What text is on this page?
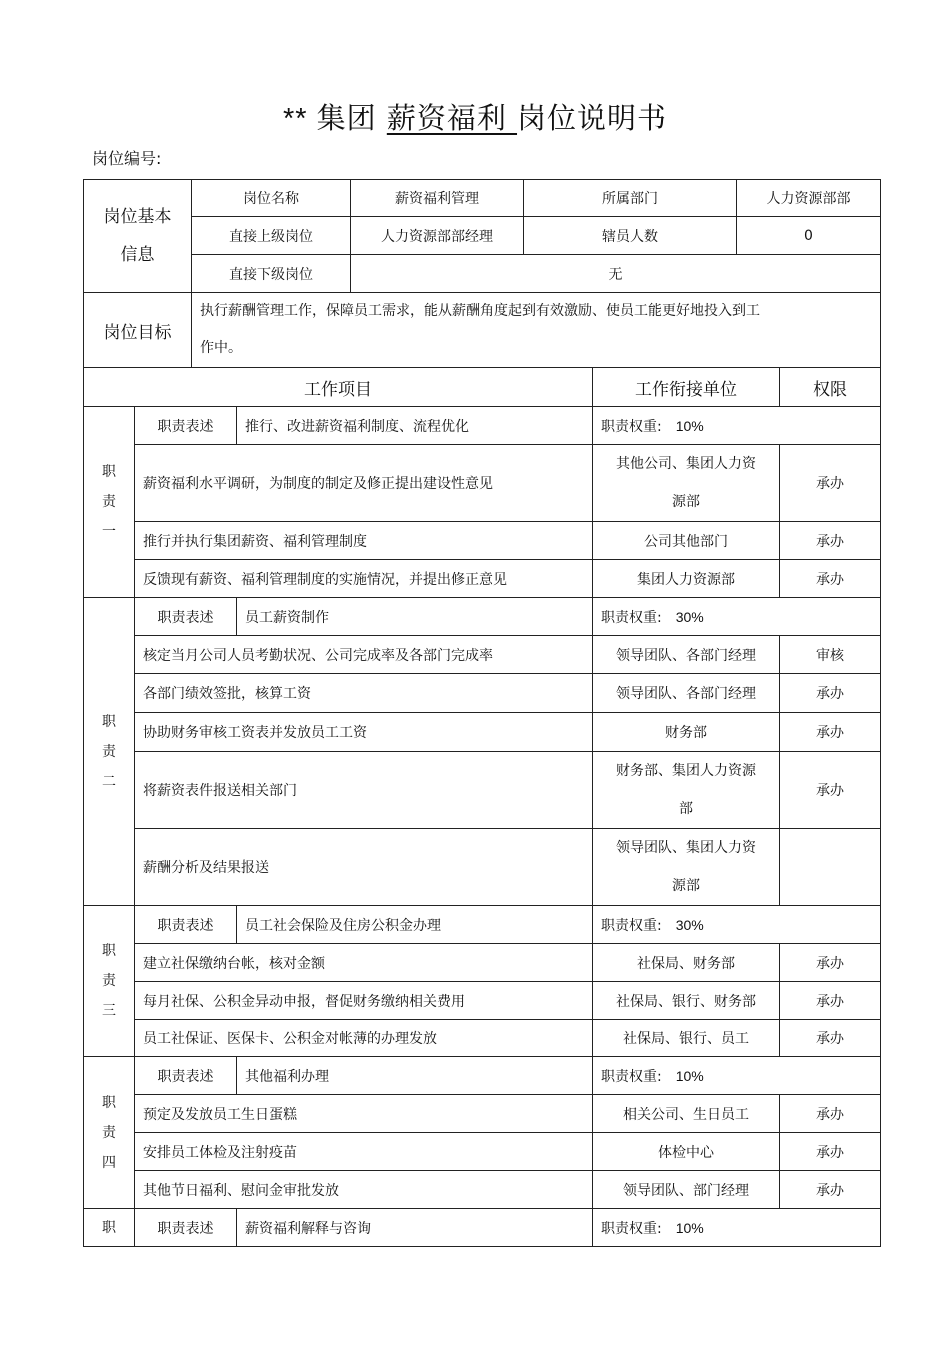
** 集团 薪资福利 岗位说明书
岗位编号:
岗位基本
信息	岗位名称	薪资福利管理	所属部门	人力资源部部
	直接上级岗位	人力资源部部经理	辖员人数	0
	直接下级岗位	无		
岗位目标	执行薪酬管理工作，保障员工需求，能从薪酬角度起到有效激励、使员工能更好地投入到工
作中。			
工作项目			工作衔接单位	权限
职
责
一	职责表述	推行、改进薪资福利制度、流程优化	职责权重: 10%	
	薪资福利水平调研，为制度的制定及修正提出建设性意见		其他公司、集团人力资
源部	承办
	推行并执行集团薪资、福利管理制度		公司其他部门	承办
	反馈现有薪资、福利管理制度的实施情况，并提出修正意见		集团人力资源部	承办
职
责
二	职责表述	员工薪资制作	职责权重: 30%	
	核定当月公司人员考勤状况、公司完成率及各部门完成率		领导团队、各部门经理	审核
	各部门绩效签批，核算工资		领导团队、各部门经理	承办
	协助财务审核工资表并发放员工工资		财务部	承办
	将薪资表件报送相关部门		财务部、集团人力资源
部	承办
	薪酬分析及结果报送		领导团队、集团人力资
源部	
职
责
三	职责表述	员工社会保险及住房公积金办理	职责权重: 30%	
	建立社保缴纳台帐，核对金额		社保局、财务部	承办
	每月社保、公积金异动申报，督促财务缴纳相关费用		社保局、银行、财务部	承办
	员工社保证、医保卡、公积金对帐薄的办理发放		社保局、银行、员工	承办
职
责
四	职责表述	其他福利办理	职责权重: 10%	
	预定及发放员工生日蛋糕		相关公司、生日员工	承办
	安排员工体检及注射疫苗		体检中心	承办
	其他节日福利、慰问金审批发放		领导团队、部门经理	承办
职	职责表述	薪资福利解释与咨询	职责权重: 10%	
